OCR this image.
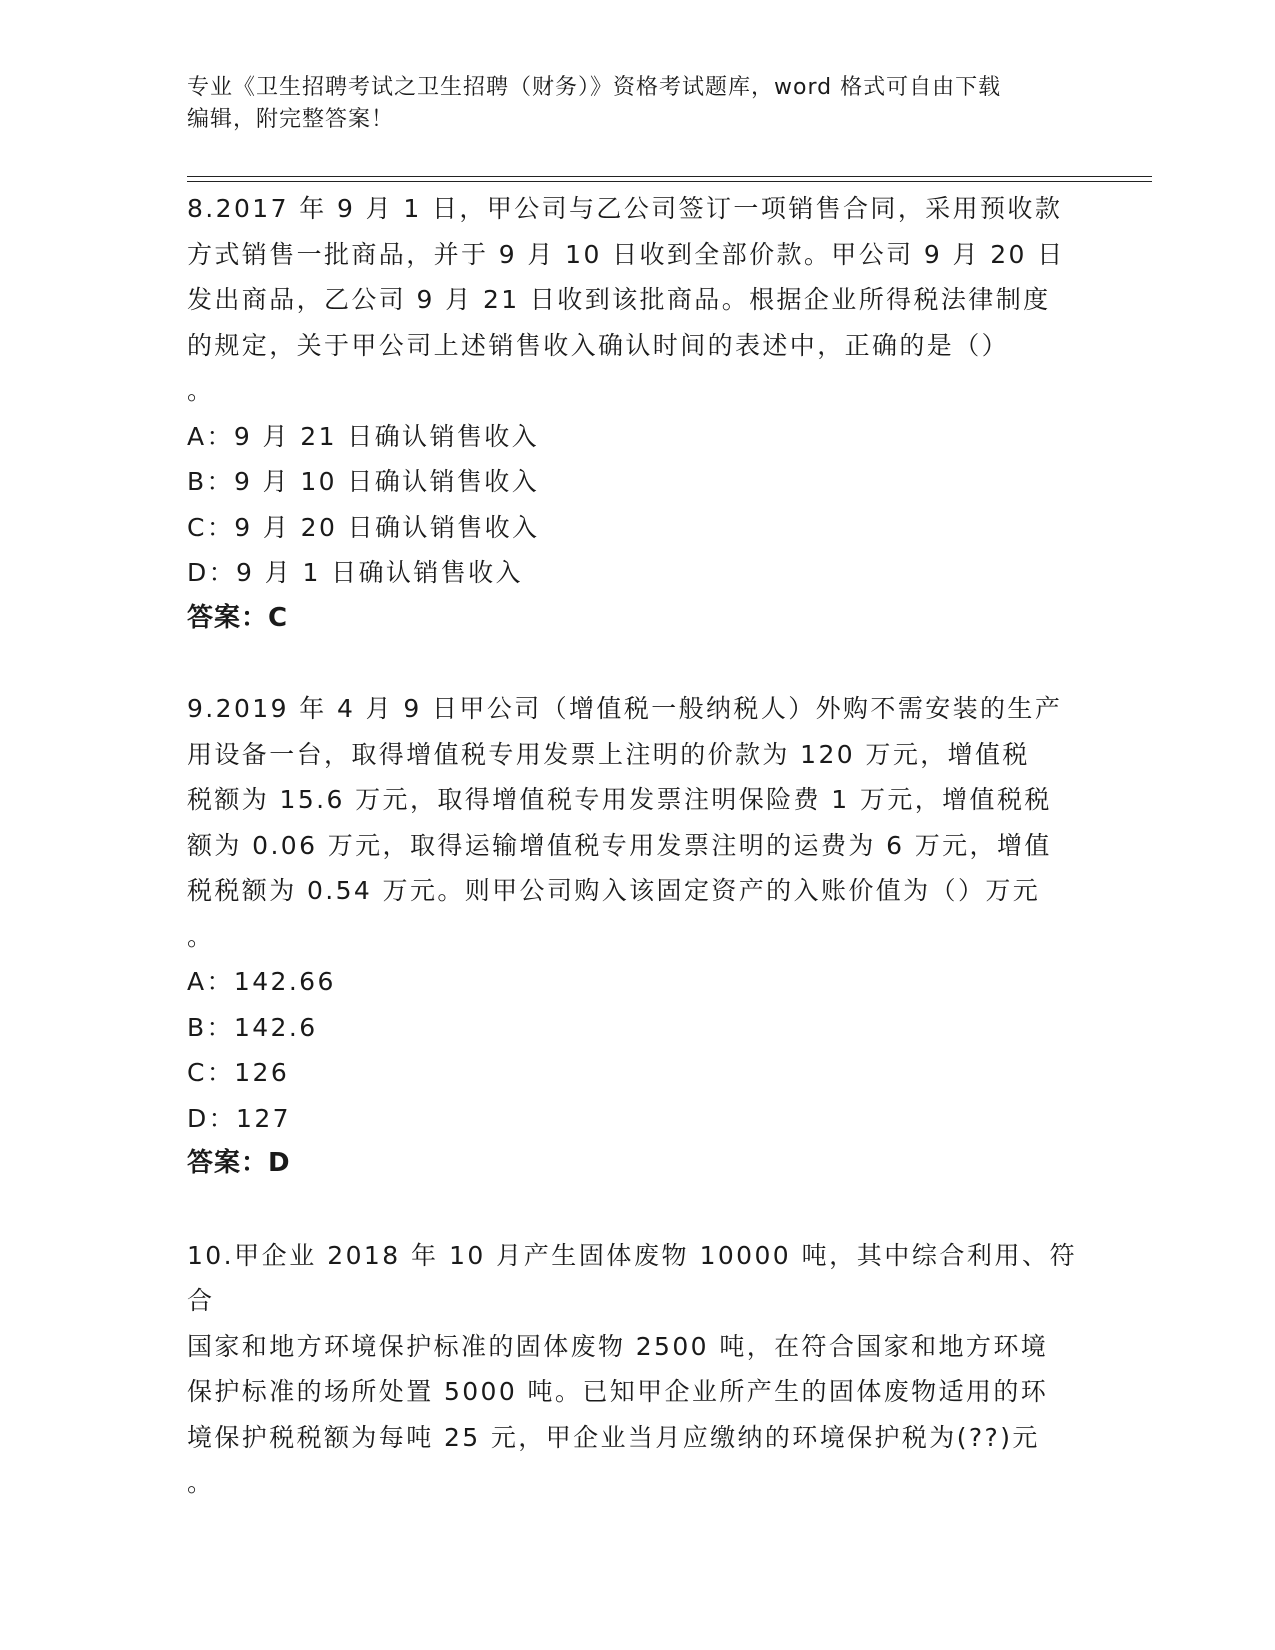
专业《卫生招聘考试之卫生招聘（财务）》资格考试题库，word 格式可自由下载
编辑，附完整答案！

8.2017 年 9 月 1 日，甲公司与乙公司签订一项销售合同，采用预收款

方式销售一批商品，并于 9 月 10 日收到全部价款。甲公司 9 月 20 日

发出商品，乙公司 9 月 21 日收到该批商品。根据企业所得税法律制度

的规定，关于甲公司上述销售收入确认时间的表述中，正确的是（）

。

A：9 月 21 日确认销售收入

B：9 月 10 日确认销售收入

C：9 月 20 日确认销售收入

D：9 月 1 日确认销售收入

答案：C

9.2019 年 4 月 9 日甲公司（增值税一般纳税人）外购不需安装的生产

用设备一台，取得增值税专用发票上注明的价款为 120 万元，增值税

税额为 15.6 万元，取得增值税专用发票注明保险费 1 万元，增值税税

额为 0.06 万元，取得运输增值税专用发票注明的运费为 6 万元，增值

税税额为 0.54 万元。则甲公司购入该固定资产的入账价值为（）万元

。

A：142.66

B：142.6

C：126

D：127

答案：D

10.甲企业 2018 年 10 月产生固体废物 10000 吨，其中综合利用、符合

国家和地方环境保护标准的固体废物 2500 吨，在符合国家和地方环境

保护标准的场所处置 5000 吨。已知甲企业所产生的固体废物适用的环

境保护税税额为每吨 25 元，甲企业当月应缴纳的环境保护税为(??)元

。
